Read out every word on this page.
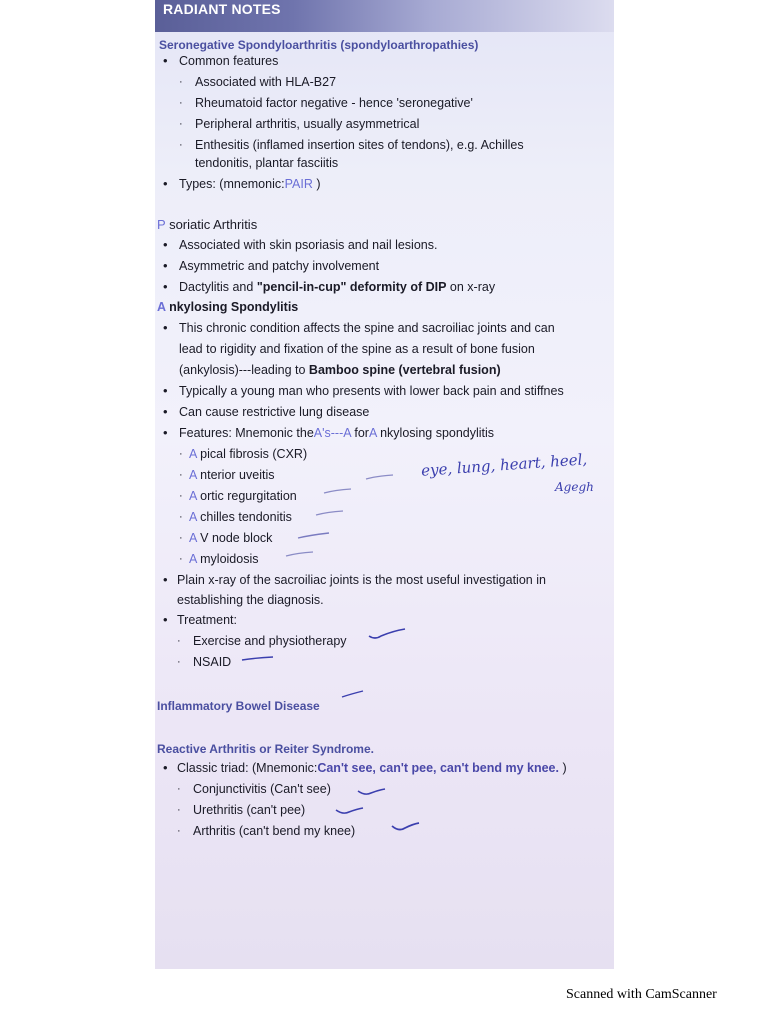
RADIANT NOTES
Seronegative Spondyloarthritis (spondyloarthropathies)
• Common features
· Associated with HLA-B27
· Rheumatoid factor negative - hence 'seronegative'
· Peripheral arthritis, usually asymmetrical
· Enthesitis (inflamed insertion sites of tendons), e.g. Achilles
tendonitis, plantar fasciitis
• Types: (mnemonic:PAIR )
P soriatic Arthritis
• Associated with skin psoriasis and nail lesions.
• Asymmetric and patchy involvement
• Dactylitis and "pencil-in-cup" deformity of DIP on x-ray
A nkylosing Spondylitis
• This chronic condition affects the spine and sacroiliac joints and can
lead to rigidity and fixation of the spine as a result of bone fusion
(ankylosis)---leading to Bamboo spine (vertebral fusion)
• Typically a young man who presents with lower back pain and stiffnes
• Can cause restrictive lung disease
• Features: Mnemonic theA's---A forA nkylosing spondylitis
· A pical fibrosis (CXR)
· A nterior uveitis
· A ortic regurgitation
· A chilles tendonitis
· A V node block
· A myloidosis
• Plain x-ray of the sacroiliac joints is the most useful investigation in
establishing the diagnosis.
• Treatment:
· Exercise and physiotherapy
· NSAID
Inflammatory Bowel Disease
Reactive Arthritis or Reiter Syndrome.
• Classic triad: (Mnemonic:Can't see, can't pee, can't bend my knee. )
· Conjunctivitis (Can't see)
· Urethritis (can't pee)
· Arthritis (can't bend my knee)
eye, lung, heart, heel,
Agegh
Scanned with CamScanner
